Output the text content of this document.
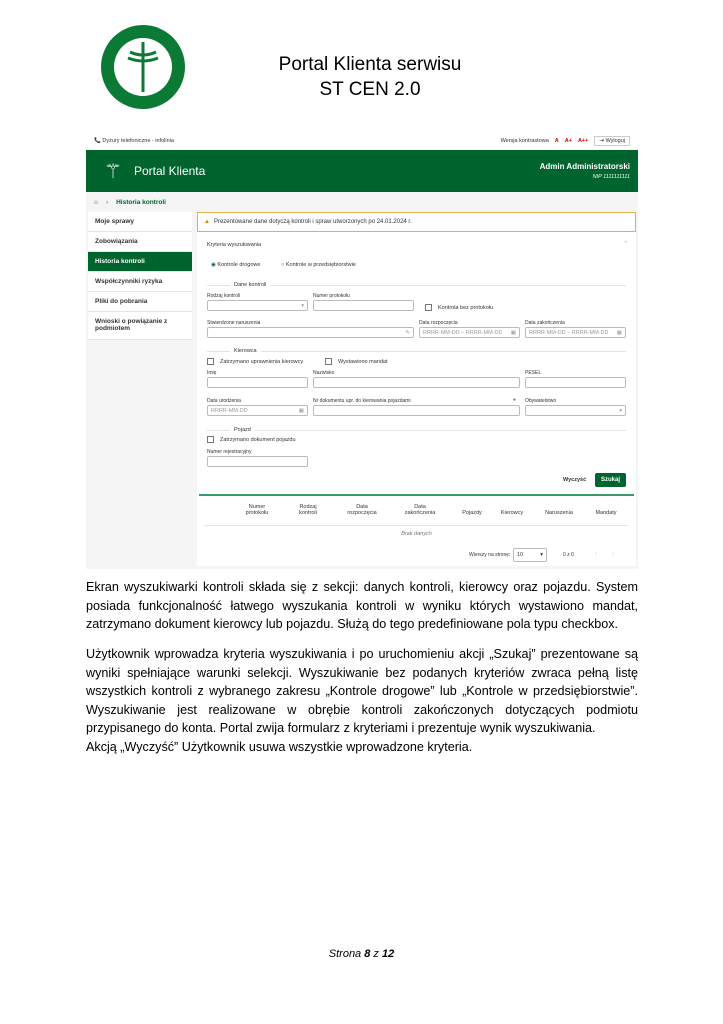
Portal Klienta serwisu
ST CEN 2.0
📞 Dyżury telefoniczne - infolinia	Wersja kontrastowa A A+ A++	⇥ Wyloguj
⚚ Portal Klienta	Admin Administratorski
NIP 1111111111
⌂ › Historia kontroli
Moje sprawy
Zobowiązania
Historia kontroli
Współczynniki ryzyka
Pliki do pobrania
Wnioski o powiązanie z podmiotem
▲ Prezentowane dane dotyczą kontroli i spraw utworzonych po 24.01.2024 r.
Kryteria wyszukiwania	⌃
◉ Kontrole drogowe	○ Kontrole w przedsiębiorstwie
Dane kontroli
Rodzaj kontroli
▾
Numer protokołu
Kontrola bez protokołu
Stwierdzone naruszenia
✎
Data rozpoczęcia
RRRR-MM-DD – RRRR-MM-DD ▦
Data zakończenia
RRRR-MM-DD – RRRR-MM-DD ▦
Kierowca
Zatrzymano uprawnienia kierowcy	Wystawiono mandat
Imię	Nazwisko	PESEL
Data urodzenia
RRRR-MM-DD	▦
Nr dokumentu upr. do kierowania pojazdami	● Obywatelstwo
▾
Pojazd
Zatrzymano dokument pojazdu
Numer rejestracyjny
Wyczyść	Szukaj
Numer protokołu
Rodzaj kontroli
Data rozpoczęcia
Data zakończenia	Pojazdy	Kierowcy	Naruszenia	Mandaty
Brak danych
Wierszy na stronę: 10	▾	0 z 0	‹	›

Ekran wyszukiwarki kontroli składa się z sekcji: danych kontroli, kierowcy oraz pojazdu. System posiada funkcjonalność łatwego wyszukania kontroli w wyniku których wystawiono mandat, zatrzymano dokument kierowcy lub pojazdu. Służą do tego predefiniowane pola typu checkbox.

Użytkownik wprowadza kryteria wyszukiwania i po uruchomieniu akcji „Szukaj” prezentowane są wyniki spełniające warunki selekcji. Wyszukiwanie bez podanych kryteriów zwraca pełną listę wszystkich kontroli z wybranego zakresu „Kontrole drogowe” lub „Kontrole w przedsiębiorstwie”. Wyszukiwanie jest realizowane w obrębie kontroli zakończonych dotyczących podmiotu przypisanego do konta. Portal zwija formularz z kryteriami i prezentuje wynik wyszukiwania.

Akcją „Wyczyść” Użytkownik usuwa wszystkie wprowadzone kryteria.

Strona 8 z 12
